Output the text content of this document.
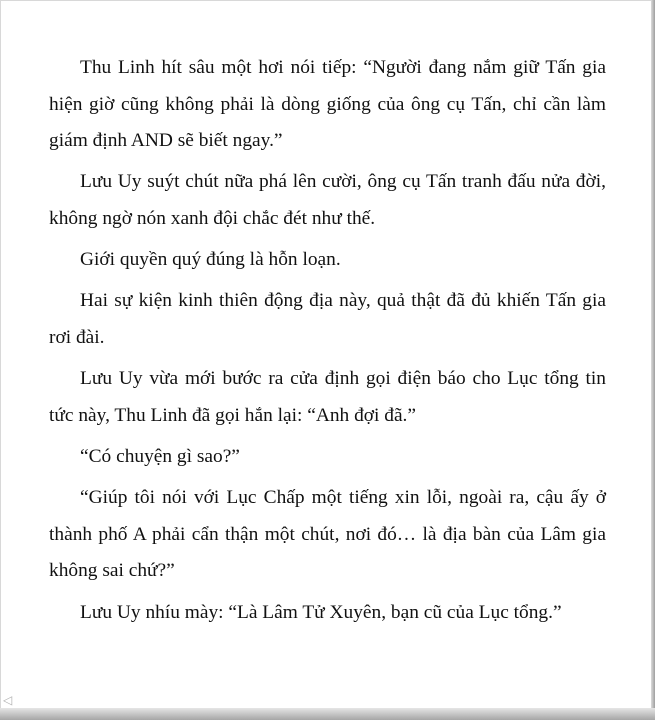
Thu Linh hít sâu một hơi nói tiếp: “Người đang nắm giữ Tấn gia hiện giờ cũng không phải là dòng giống của ông cụ Tấn, chỉ cần làm giám định AND sẽ biết ngay.”

Lưu Uy suýt chút nữa phá lên cười, ông cụ Tấn tranh đấu nửa đời, không ngờ nón xanh đội chắc đét như thế.

Giới quyền quý đúng là hỗn loạn.

Hai sự kiện kinh thiên động địa này, quả thật đã đủ khiến Tấn gia rơi đài.

Lưu Uy vừa mới bước ra cửa định gọi điện báo cho Lục tổng tin tức này, Thu Linh đã gọi hắn lại: “Anh đợi đã.”

“Có chuyện gì sao?”

“Giúp tôi nói với Lục Chấp một tiếng xin lỗi, ngoài ra, cậu ấy ở thành phố A phải cẩn thận một chút, nơi đó… là địa bàn của Lâm gia không sai chứ?”

Lưu Uy nhíu mày: “Là Lâm Tử Xuyên, bạn cũ của Lục tổng.”

◁
